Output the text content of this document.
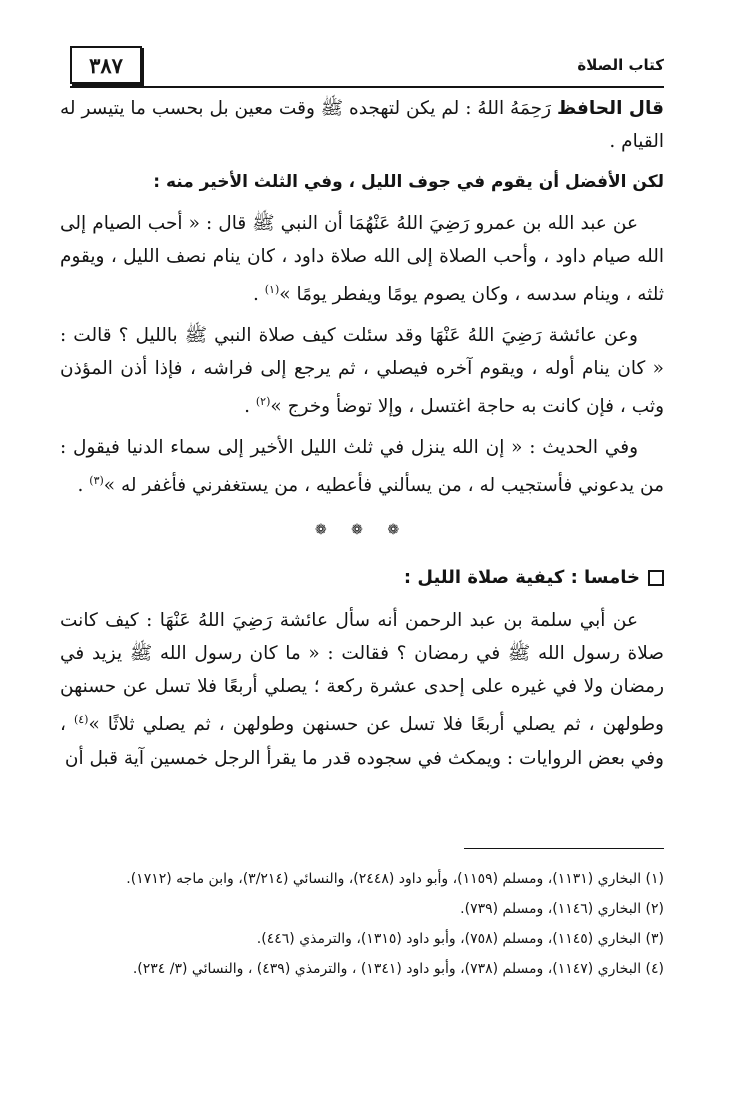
كتاب الصلاة
٣٨٧

قال الحافظ رَحِمَهُ اللهُ : لم يكن لتهجده ﷺ وقت معين بل بحسب ما يتيسر له القيام .

لكن الأفضل أن يقوم في جوف الليل ، وفي الثلث الأخير منه :

عن عبد الله بن عمرو رَضِيَ اللهُ عَنْهُمَا أن النبي ﷺ قال : « أحب الصيام إلى الله صيام داود ، وأحب الصلاة إلى الله صلاة داود ، كان ينام نصف الليل ، ويقوم ثلثه ، وينام سدسه ، وكان يصوم يومًا ويفطر يومًا »$^{(١)}$ .

وعن عائشة رَضِيَ اللهُ عَنْهَا وقد سئلت كيف صلاة النبي ﷺ بالليل ؟ قالت : « كان ينام أوله ، ويقوم آخره فيصلي ، ثم يرجع إلى فراشه ، فإذا أذن المؤذن وثب ، فإن كانت به حاجة اغتسل ، وإلا توضأ وخرج »$^{(٢)}$ .

وفي الحديث : « إن الله ينزل في ثلث الليل الأخير إلى سماء الدنيا فيقول : من يدعوني فأستجيب له ، من يسألني فأعطيه ، من يستغفرني فأغفر له »$^{(٣)}$ .

❁ ❁ ❁
خامسا : كيفية صلاة الليل :

عن أبي سلمة بن عبد الرحمن أنه سأل عائشة رَضِيَ اللهُ عَنْهَا : كيف كانت صلاة رسول الله ﷺ في رمضان ؟ فقالت : « ما كان رسول الله ﷺ يزيد في رمضان ولا في غيره على إحدى عشرة ركعة ؛ يصلي أربعًا فلا تسل عن حسنهن وطولهن ، ثم يصلي أربعًا فلا تسل عن حسنهن وطولهن ، ثم يصلي ثلاثًا »$^{(٤)}$ ، وفي بعض الروايات : ويمكث في سجوده قدر ما يقرأ الرجل خمسين آية قبل أن

(١) البخاري (١١٣١)، ومسلم (١١٥٩)، وأبو داود (٢٤٤٨)، والنسائي (٣/٢١٤)، وابن ماجه (١٧١٢).
(٢) البخاري (١١٤٦)، ومسلم (٧٣٩).
(٣) البخاري (١١٤٥)، ومسلم (٧٥٨)، وأبو داود (١٣١٥)، والترمذي (٤٤٦).
(٤) البخاري (١١٤٧)، ومسلم (٧٣٨)، وأبو داود (١٣٤١) ، والترمذي (٤٣٩) ، والنسائي (٣/ ٢٣٤).
